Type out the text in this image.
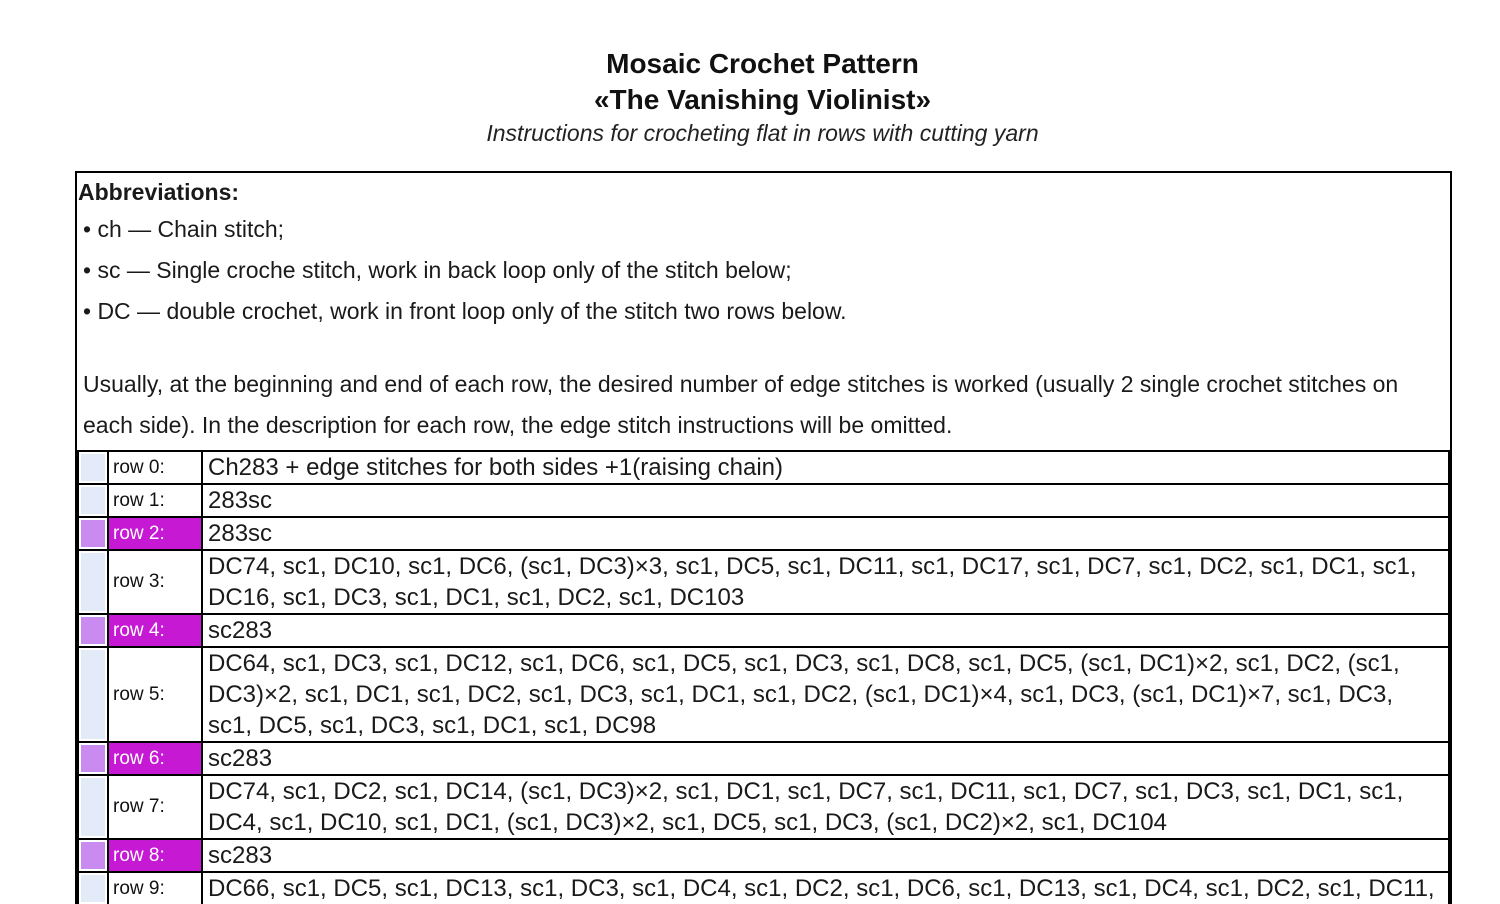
Mosaic Crochet Pattern
«The Vanishing Violinist»
Instructions for crocheting flat in rows with cutting yarn
Abbreviations:
• ch — Chain stitch;
• sc — Single croche stitch, work in back loop only of the stitch below;
• DC — double crochet, work in front loop only of the stitch two rows below.
Usually, at the beginning and end of each row, the desired number of edge stitches is worked (usually 2 single crochet stitches on each side). In the description for each row, the edge stitch instructions will be omitted.
	row 0:	Ch283 + edge stitches for both sides +1(raising chain)

	row 1:	283sc

	row 2:	283sc

	row 3:	DC74, sc1, DC10, sc1, DC6, (sc1, DC3)×3, sc1, DC5, sc1, DC11, sc1, DC17, sc1, DC7, sc1, DC2, sc1, DC1, sc1, DC16, sc1, DC3, sc1, DC1, sc1, DC2, sc1, DC103

	row 4:	sc283

	row 5:	DC64, sc1, DC3, sc1, DC12, sc1, DC6, sc1, DC5, sc1, DC3, sc1, DC8, sc1, DC5, (sc1, DC1)×2, sc1, DC2, (sc1, DC3)×2, sc1, DC1, sc1, DC2, sc1, DC3, sc1, DC1, sc1, DC2, (sc1, DC1)×4, sc1, DC3, (sc1, DC1)×7, sc1, DC3, sc1, DC5, sc1, DC3, sc1, DC1, sc1, DC98

	row 6:	sc283

	row 7:	DC74, sc1, DC2, sc1, DC14, (sc1, DC3)×2, sc1, DC1, sc1, DC7, sc1, DC11, sc1, DC7, sc1, DC3, sc1, DC1, sc1, DC4, sc1, DC10, sc1, DC1, (sc1, DC3)×2, sc1, DC5, sc1, DC3, (sc1, DC2)×2, sc1, DC104

	row 8:	sc283

	row 9:	DC66, sc1, DC5, sc1, DC13, sc1, DC3, sc1, DC4, sc1, DC2, sc1, DC6, sc1, DC13, sc1, DC4, sc1, DC2, sc1, DC11,
